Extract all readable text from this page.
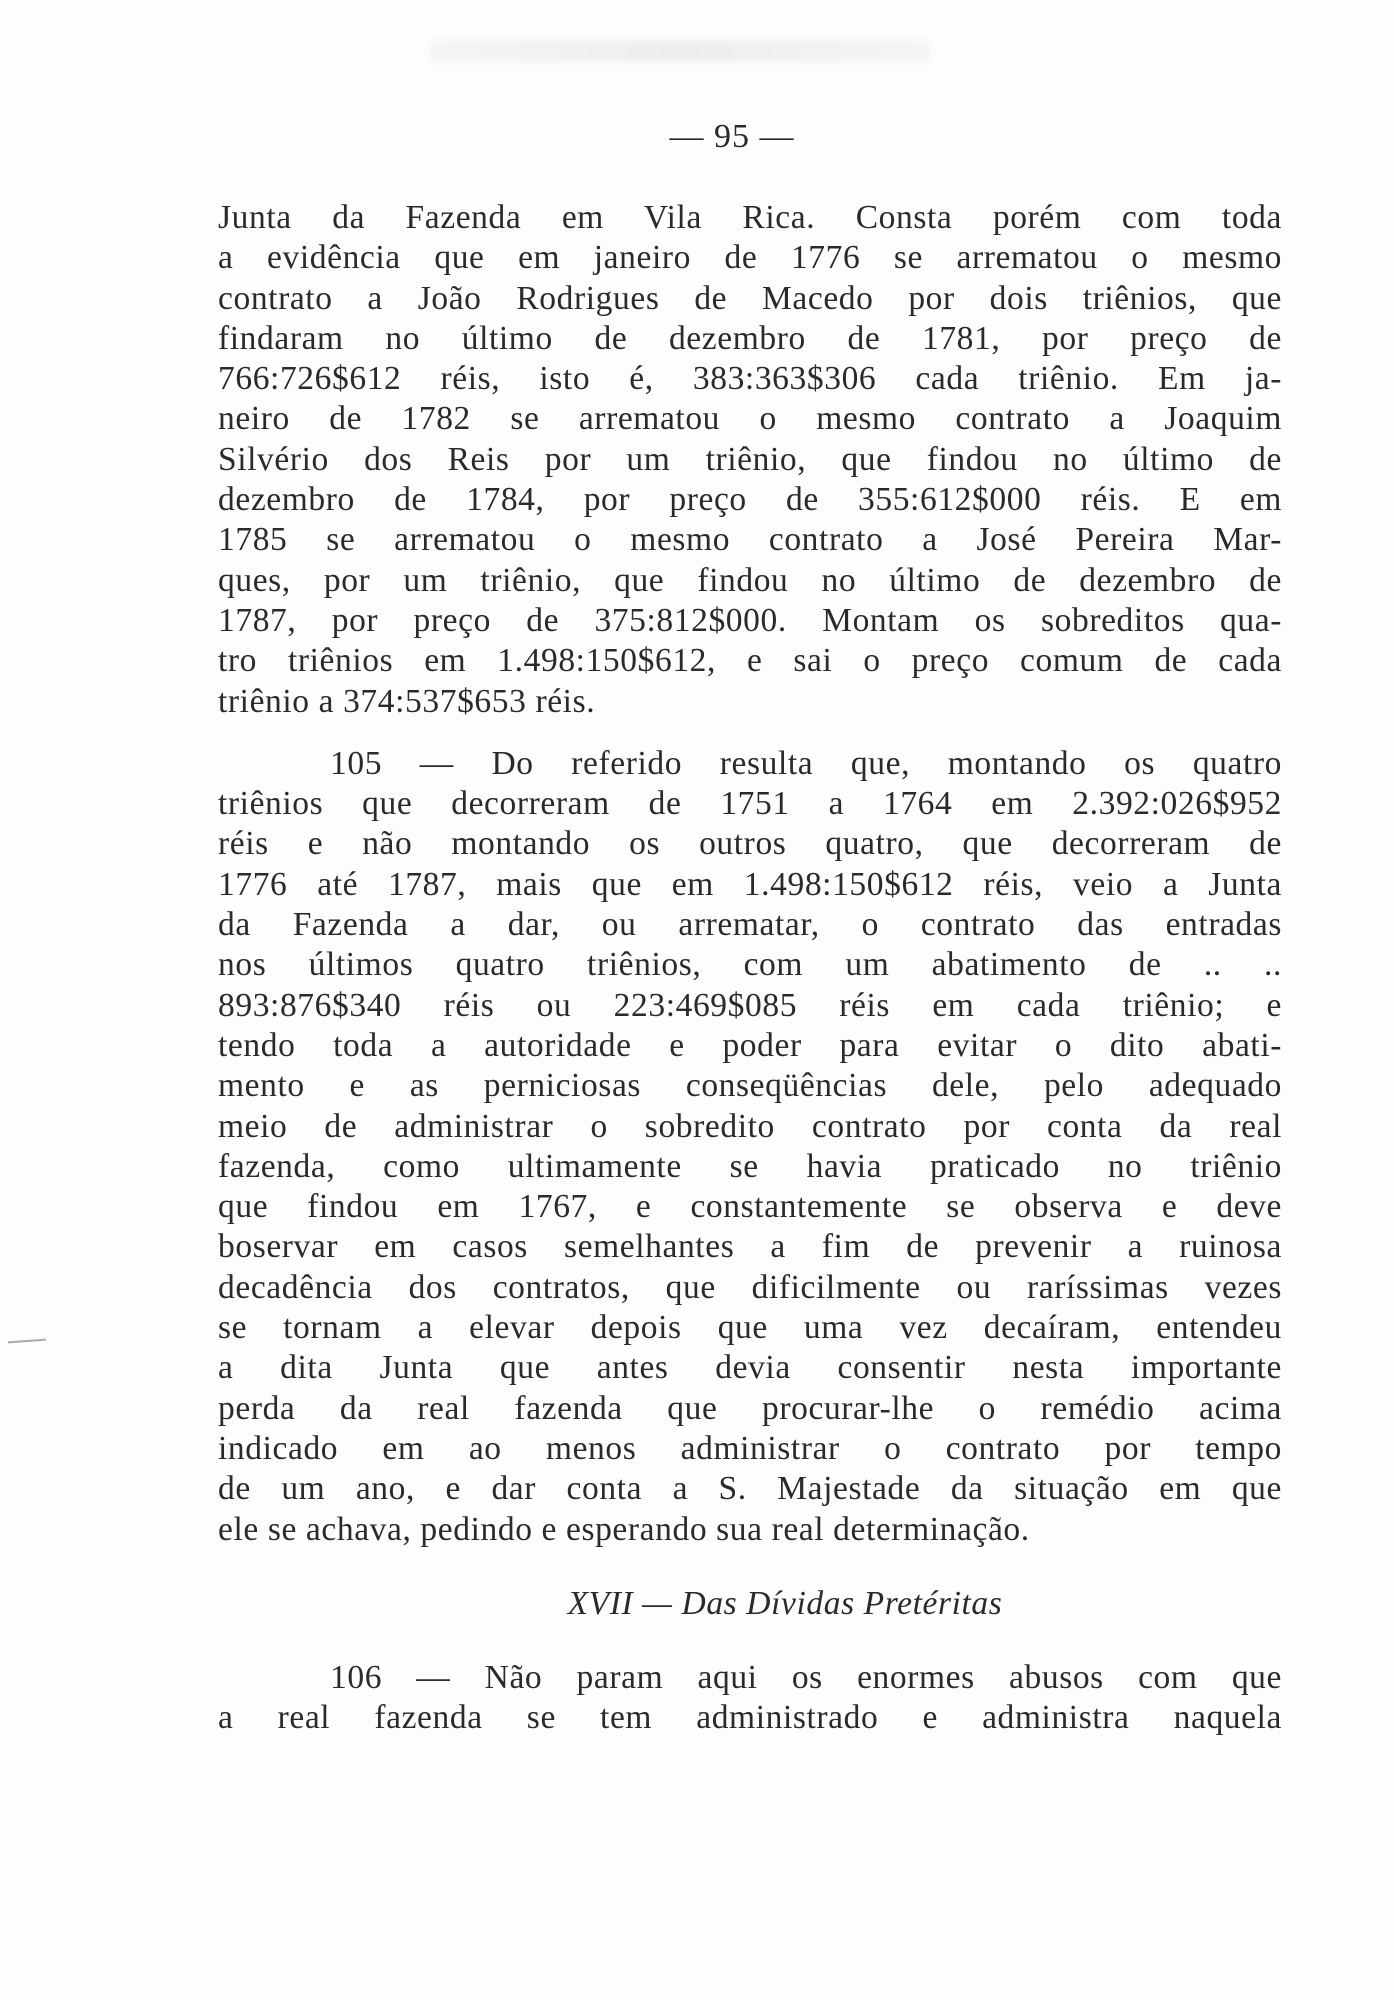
— 95 —
Junta da Fazenda em Vila Rica. Consta porém com toda
a evidência que em janeiro de 1776 se arrematou o mesmo
contrato a João Rodrigues de Macedo por dois triênios, que
findaram no último de dezembro de 1781, por preço de
766:726$612 réis, isto é, 383:363$306 cada triênio. Em ja-
neiro de 1782 se arrematou o mesmo contrato a Joaquim
Silvério dos Reis por um triênio, que findou no último de
dezembro de 1784, por preço de 355:612$000 réis. E em
1785 se arrematou o mesmo contrato a José Pereira Mar-
ques, por um triênio, que findou no último de dezembro de
1787, por preço de 375:812$000. Montam os sobreditos qua-
tro triênios em 1.498:150$612, e sai o preço comum de cada
triênio a 374:537$653 réis.
105 — Do referido resulta que, montando os quatro
triênios que decorreram de 1751 a 1764 em 2.392:026$952
réis e não montando os outros quatro, que decorreram de
1776 até 1787, mais que em 1.498:150$612 réis, veio a Junta
da Fazenda a dar, ou arrematar, o contrato das entradas
nos últimos quatro triênios, com um abatimento de .. ..
893:876$340 réis ou 223:469$085 réis em cada triênio; e
tendo toda a autoridade e poder para evitar o dito abati-
mento e as perniciosas conseqüências dele, pelo adequado
meio de administrar o sobredito contrato por conta da real
fazenda, como ultimamente se havia praticado no triênio
que findou em 1767, e constantemente se observa e deve
boservar em casos semelhantes a fim de prevenir a ruinosa
decadência dos contratos, que dificilmente ou raríssimas vezes
se tornam a elevar depois que uma vez decaíram, entendeu
a dita Junta que antes devia consentir nesta importante
perda da real fazenda que procurar-lhe o remédio acima
indicado em ao menos administrar o contrato por tempo
de um ano, e dar conta a S. Majestade da situação em que
ele se achava, pedindo e esperando sua real determinação.
XVII — Das Dívidas Pretéritas
106 — Não param aqui os enormes abusos com que
a real fazenda se tem administrado e administra naquela
